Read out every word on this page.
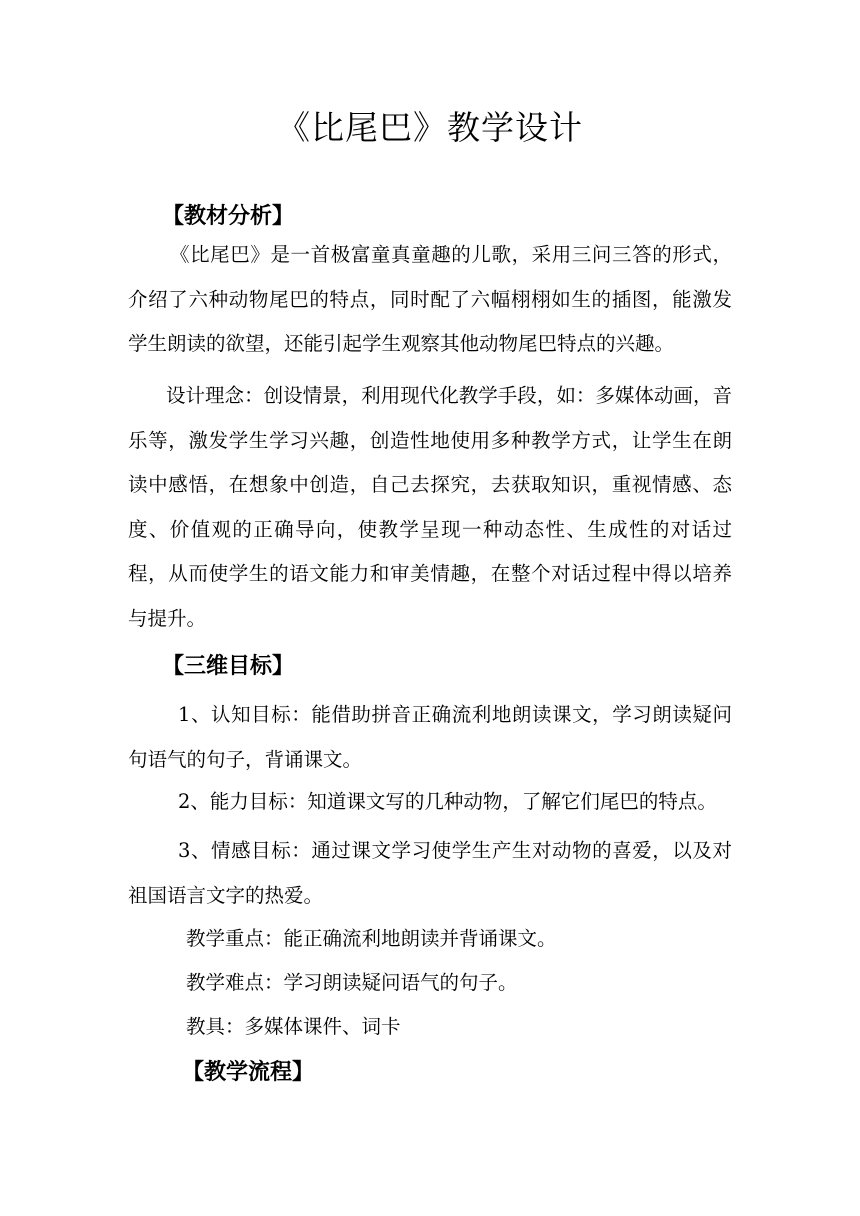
《比尾巴》教学设计
【教材分析】
《比尾巴》是一首极富童真童趣的儿歌，采用三问三答的形式，介绍了六种动物尾巴的特点，同时配了六幅栩栩如生的插图，能激发学生朗读的欲望，还能引起学生观察其他动物尾巴特点的兴趣。
设计理念：创设情景，利用现代化教学手段，如：多媒体动画，音乐等，激发学生学习兴趣，创造性地使用多种教学方式，让学生在朗读中感悟，在想象中创造，自己去探究，去获取知识，重视情感、态度、价值观的正确导向，使教学呈现一种动态性、生成性的对话过程，从而使学生的语文能力和审美情趣，在整个对话过程中得以培养与提升。
【三维目标】
1、认知目标：能借助拼音正确流利地朗读课文，学习朗读疑问句语气的句子，背诵课文。
2、能力目标：知道课文写的几种动物，了解它们尾巴的特点。
3、情感目标：通过课文学习使学生产生对动物的喜爱，以及对祖国语言文字的热爱。
教学重点：能正确流利地朗读并背诵课文。
教学难点：学习朗读疑问语气的句子。
教具：多媒体课件、词卡
【教学流程】
